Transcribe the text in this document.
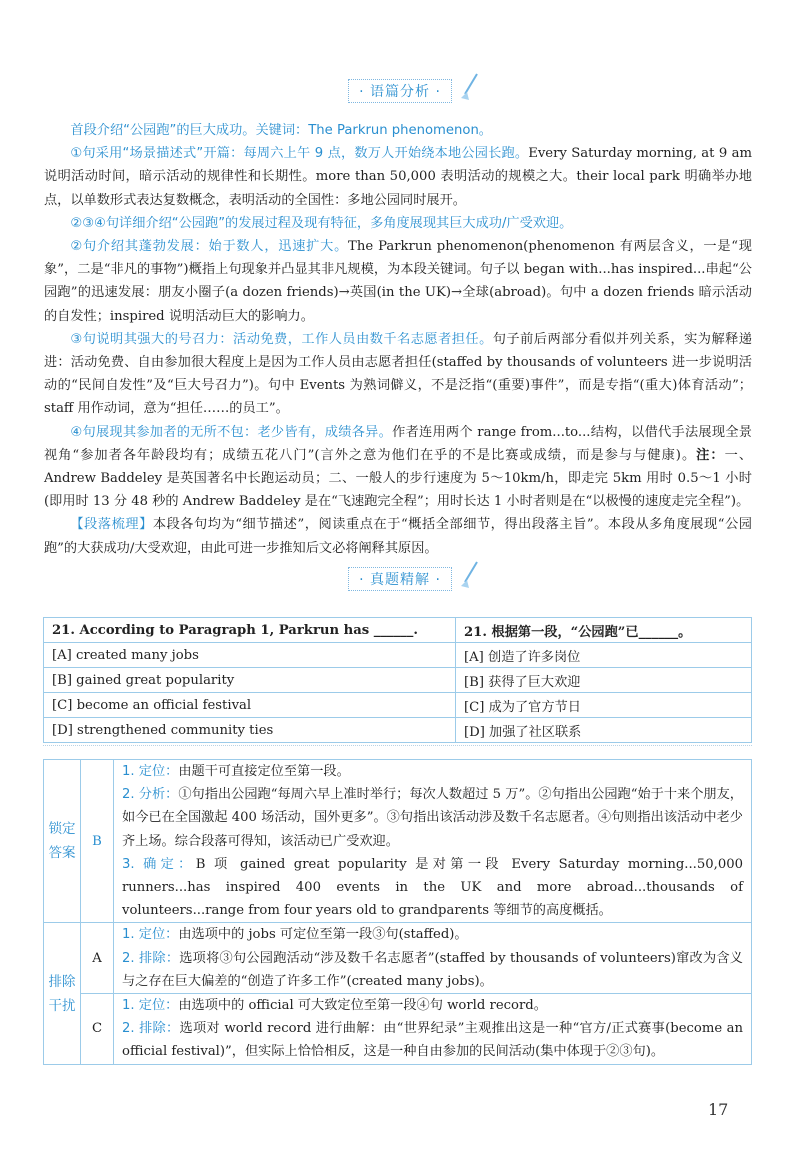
· 语篇分析 ·

首段介绍“公园跑”的巨大成功。关键词：The Parkrun phenomenon。

①句采用“场景描述式”开篇：每周六上午 9 点，数万人开始绕本地公园长跑。Every Saturday morning, at 9 am 说明活动时间，暗示活动的规律性和长期性。more than 50,000 表明活动的规模之大。their local park 明确举办地点，以单数形式表达复数概念，表明活动的全国性：多地公园同时展开。

②③④句详细介绍“公园跑”的发展过程及现有特征，多角度展现其巨大成功/广受欢迎。

②句介绍其蓬勃发展：始于数人，迅速扩大。The Parkrun phenomenon(phenomenon 有两层含义，一是“现象”，二是“非凡的事物”)概指上句现象并凸显其非凡规模，为本段关键词。句子以 began with...has inspired...串起“公园跑”的迅速发展：朋友小圈子(a dozen friends)→英国(in the UK)→全球(abroad)。句中 a dozen friends 暗示活动的自发性；inspired 说明活动巨大的影响力。

③句说明其强大的号召力：活动免费，工作人员由数千名志愿者担任。句子前后两部分看似并列关系，实为解释递进：活动免费、自由参加很大程度上是因为工作人员由志愿者担任(staffed by thousands of volunteers 进一步说明活动的“民间自发性”及“巨大号召力”)。句中 Events 为熟词僻义，不是泛指“(重要)事件”，而是专指“(重大)体育活动”；staff 用作动词，意为“担任……的员工”。

④句展现其参加者的无所不包：老少皆有，成绩各异。作者连用两个 range from...to...结构，以借代手法展现全景视角“参加者各年龄段均有；成绩五花八门”(言外之意为他们在乎的不是比赛或成绩，而是参与与健康)。注：一、Andrew Baddeley 是英国著名中长跑运动员；二、一般人的步行速度为 5～10km/h，即走完 5km 用时 0.5～1 小时(即用时 13 分 48 秒的 Andrew Baddeley 是在“飞速跑完全程”；用时长达 1 小时者则是在“以极慢的速度走完全程”)。

【段落梳理】本段各句均为“细节描述”，阅读重点在于“概括全部细节，得出段落主旨”。本段从多角度展现“公园跑”的大获成功/大受欢迎，由此可进一步推知后文必将阐释其原因。

· 真题精解 ·
21. According to Paragraph 1, Parkrun has ______.	21. 根据第一段，“公园跑”已______。
[A] created many jobs	[A] 创造了许多岗位
[B] gained great popularity	[B] 获得了巨大欢迎
[C] become an official festival	[C] 成为了官方节日
[D] strengthened community ties	[D] 加强了社区联系
锁定答案	B	1. 定位：由题干可直接定位至第一段。
2. 分析：①句指出公园跑“每周六早上准时举行；每次人数超过 5 万”。②句指出公园跑“始于十来个朋友，如今已在全国激起 400 场活动，国外更多”。③句指出该活动涉及数千名志愿者。④句则指出该活动中老少齐上场。综合段落可得知，该活动已广受欢迎。
3. 确定：B 项 gained great popularity 是对第一段 Every Saturday morning...50,000 runners...has inspired 400 events in the UK and more abroad...thousands of volunteers...range from four years old to grandparents 等细节的高度概括。

排除干扰	A	1. 定位：由选项中的 jobs 可定位至第一段③句(staffed)。
2. 排除：选项将③句公园跑活动“涉及数千名志愿者”(staffed by thousands of volunteers)窜改为含义与之存在巨大偏差的“创造了许多工作”(created many jobs)。

	C	1. 定位：由选项中的 official 可大致定位至第一段④句 world record。
2. 排除：选项对 world record 进行曲解：由“世界纪录”主观推出这是一种“官方/正式赛事(become an official festival)”，但实际上恰恰相反，这是一种自由参加的民间活动(集中体现于②③句)。
17
